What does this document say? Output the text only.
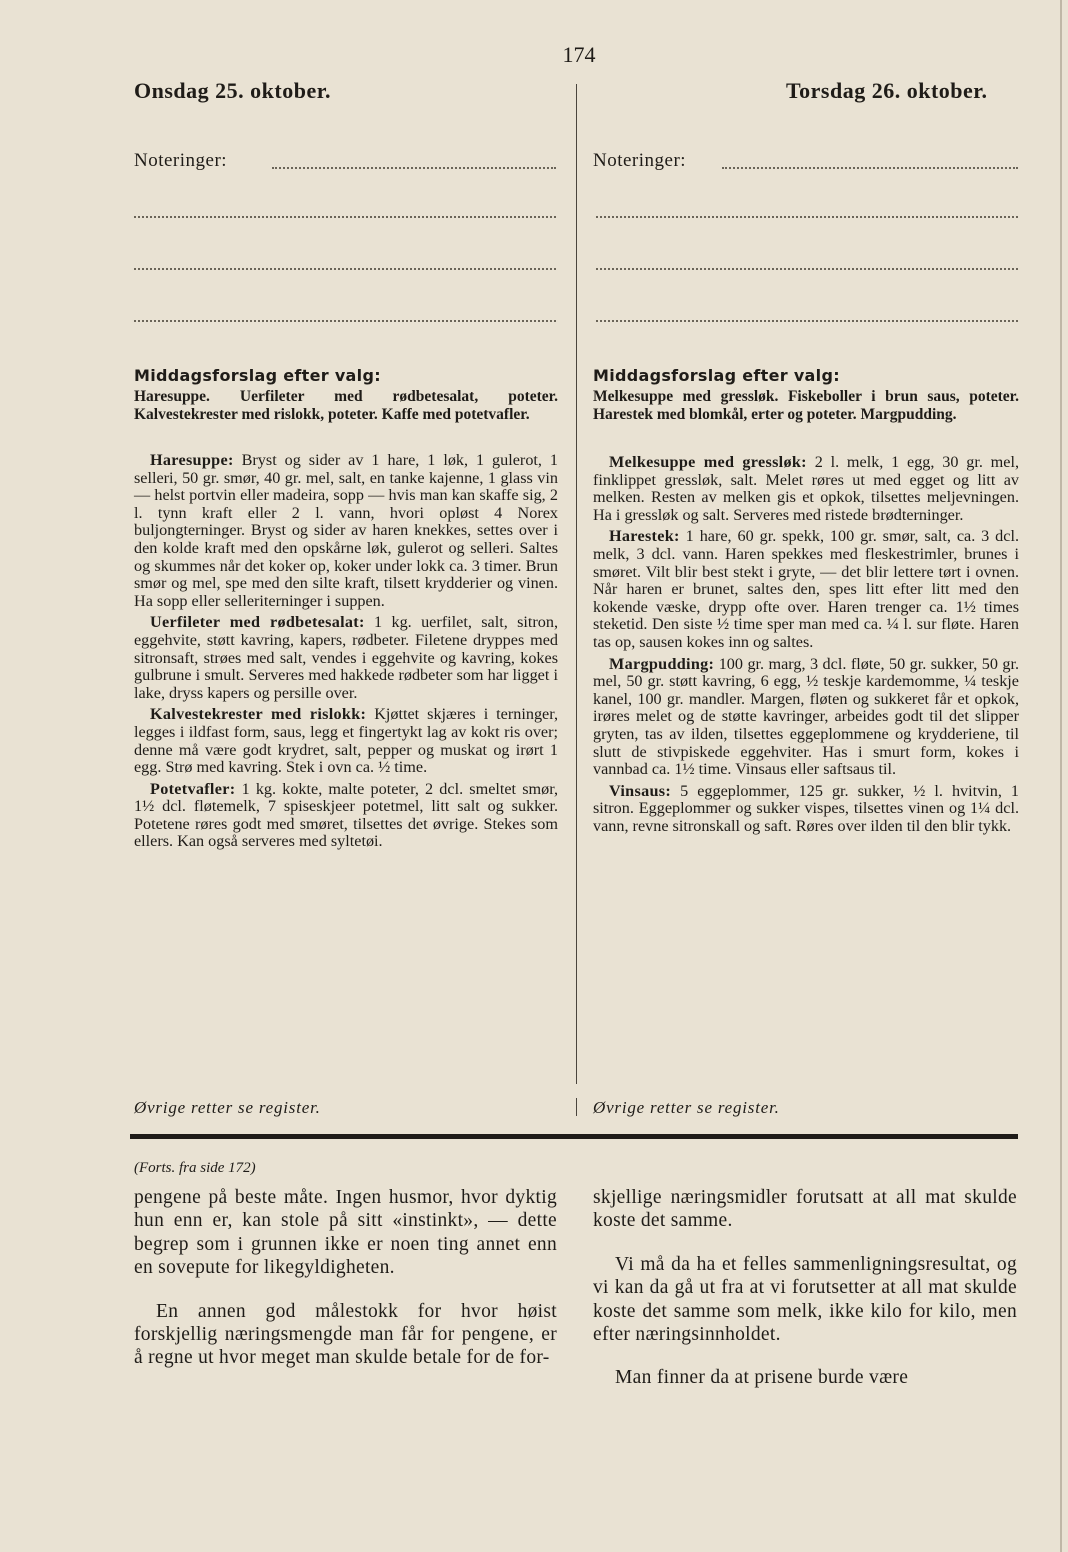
174
Onsdag 25. oktober.	Torsdag 26. oktober.
Noteringer:	Noteringer:
Middagsforslag efter valg:	Middagsforslag efter valg:
Haresuppe. Uerfileter med rødbetesalat, poteter. Kalvestekrester med rislokk, poteter. Kaffe med potetvafler.
Melkesuppe med gressløk. Fiskeboller i brun saus, poteter. Harestek med blomkål, erter og poteter. Margpudding.

Haresuppe: Bryst og sider av 1 hare, 1 løk, 1 gulerot, 1 selleri, 50 gr. smør, 40 gr. mel, salt, en tanke kajenne, 1 glass vin — helst portvin eller madeira, sopp — hvis man kan skaffe sig, 2 l. tynn kraft eller 2 l. vann, hvori opløst 4 Norex buljongterninger. Bryst og sider av haren knekkes, settes over i den kolde kraft med den opskårne løk, gulerot og selleri. Saltes og skummes når det koker op, koker under lokk ca. 3 timer. Brun smør og mel, spe med den silte kraft, tilsett krydderier og vinen. Ha sopp eller selleriterninger i suppen.

Uerfileter med rødbetesalat: 1 kg. uerfilet, salt, sitron, eggehvite, støtt kavring, kapers, rødbeter. Filetene dryppes med sitronsaft, strøes med salt, vendes i eggehvite og kavring, kokes gulbrune i smult. Serveres med hakkede rødbeter som har ligget i lake, dryss kapers og persille over.

Kalvestekrester med rislokk: Kjøttet skjæres i terninger, legges i ildfast form, saus, legg et fingertykt lag av kokt ris over; denne må være godt krydret, salt, pepper og muskat og irørt 1 egg. Strø med kavring. Stek i ovn ca. ½ time.

Potetvafler: 1 kg. kokte, malte poteter, 2 dcl. smeltet smør, 1½ dcl. fløtemelk, 7 spiseskjeer potetmel, litt salt og sukker. Potetene røres godt med smøret, tilsettes det øvrige. Stekes som ellers. Kan også serveres med syltetøi.

Melkesuppe med gressløk: 2 l. melk, 1 egg, 30 gr. mel, finklippet gressløk, salt. Melet røres ut med egget og litt av melken. Resten av melken gis et opkok, tilsettes meljevningen. Ha i gressløk og salt. Serveres med ristede brødterninger.

Harestek: 1 hare, 60 gr. spekk, 100 gr. smør, salt, ca. 3 dcl. melk, 3 dcl. vann. Haren spekkes med fleskestrimler, brunes i smøret. Vilt blir best stekt i gryte, — det blir lettere tørt i ovnen. Når haren er brunet, saltes den, spes litt efter litt med den kokende væske, drypp ofte over. Haren trenger ca. 1½ times steketid. Den siste ½ time sper man med ca. ¼ l. sur fløte. Haren tas op, sausen kokes inn og saltes.

Margpudding: 100 gr. marg, 3 dcl. fløte, 50 gr. sukker, 50 gr. mel, 50 gr. støtt kavring, 6 egg, ½ teskje kardemomme, ¼ teskje kanel, 100 gr. mandler. Margen, fløten og sukkeret får et opkok, irøres melet og de støtte kavringer, arbeides godt til det slipper gryten, tas av ilden, tilsettes eggeplommene og krydderiene, til slutt de stivpiskede eggehviter. Has i smurt form, kokes i vannbad ca. 1½ time. Vinsaus eller saftsaus til.

Vinsaus: 5 eggeplommer, 125 gr. sukker, ½ l. hvitvin, 1 sitron. Eggeplommer og sukker vispes, tilsettes vinen og 1¼ dcl. vann, revne sitronskall og saft. Røres over ilden til den blir tykk.

Øvrige retter se register.	Øvrige retter se register.
(Forts. fra side 172)

pengene på beste måte. Ingen husmor, hvor dyktig hun enn er, kan stole på sitt «instinkt», — dette begrep som i grunnen ikke er noen ting annet enn en sovepute for likegyldigheten.

En annen god målestokk for hvor høist forskjellig næringsmengde man får for pengene, er å regne ut hvor meget man skulde betale for de for-

skjellige næringsmidler forutsatt at all mat skulde koste det samme.

Vi må da ha et felles sammenligningsresultat, og vi kan da gå ut fra at vi forutsetter at all mat skulde koste det samme som melk, ikke kilo for kilo, men efter næringsinnholdet.

Man finner da at prisene burde være
